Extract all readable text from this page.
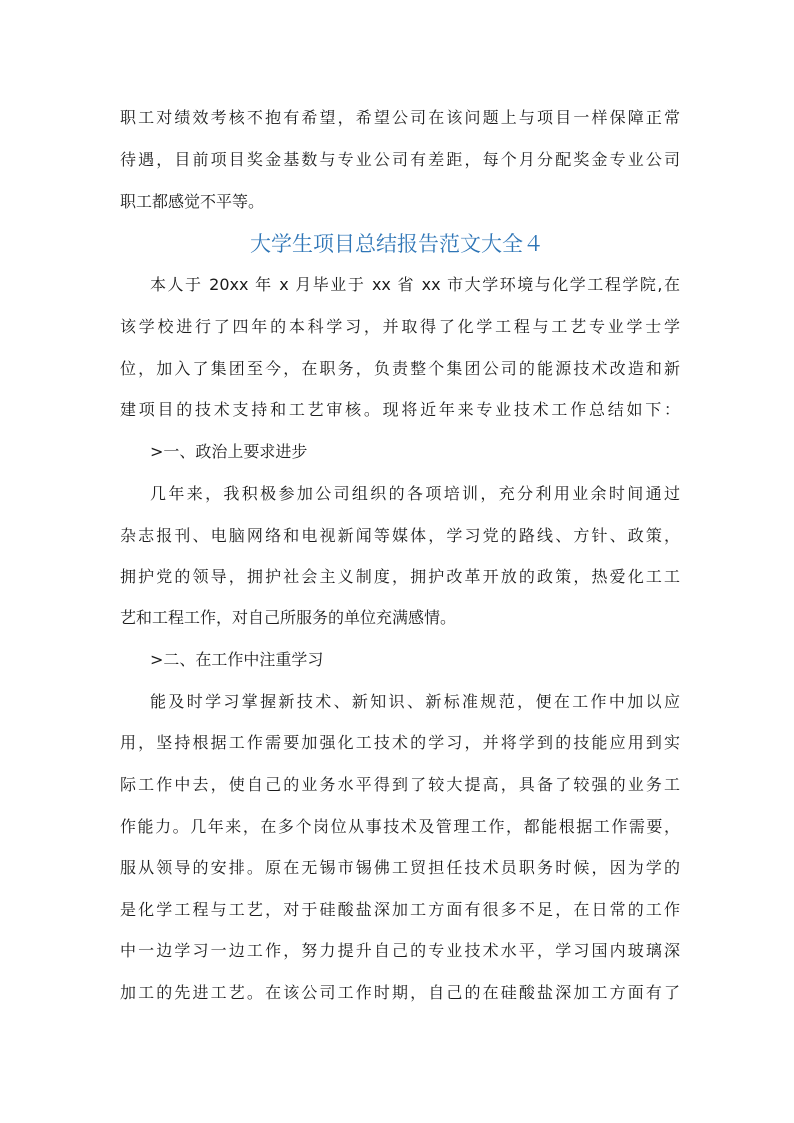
职工对绩效考核不抱有希望，希望公司在该问题上与项目一样保障正常
待遇，目前项目奖金基数与专业公司有差距，每个月分配奖金专业公司
职工都感觉不平等。
大学生项目总结报告范文大全４
本人于 20xx 年 x 月毕业于 xx 省 xx 市大学环境与化学工程学院,在
该学校进行了四年的本科学习，并取得了化学工程与工艺专业学士学
位，加入了集团至今，在职务，负责整个集团公司的能源技术改造和新
建项目的技术支持和工艺审核。现将近年来专业技术工作总结如下：
>一、政治上要求进步
几年来，我积极参加公司组织的各项培训，充分利用业余时间通过
杂志报刊、电脑网络和电视新闻等媒体，学习党的路线、方针、政策，
拥护党的领导，拥护社会主义制度，拥护改革开放的政策，热爱化工工
艺和工程工作，对自己所服务的单位充满感情。
>二、在工作中注重学习
能及时学习掌握新技术、新知识、新标准规范，便在工作中加以应
用，坚持根据工作需要加强化工技术的学习，并将学到的技能应用到实
际工作中去，使自己的业务水平得到了较大提高，具备了较强的业务工
作能力。几年来，在多个岗位从事技术及管理工作，都能根据工作需要，
服从领导的安排。原在无锡市锡佛工贸担任技术员职务时候，因为学的
是化学工程与工艺，对于硅酸盐深加工方面有很多不足，在日常的工作
中一边学习一边工作，努力提升自己的专业技术水平，学习国内玻璃深
加工的先进工艺。在该公司工作时期，自己的在硅酸盐深加工方面有了
